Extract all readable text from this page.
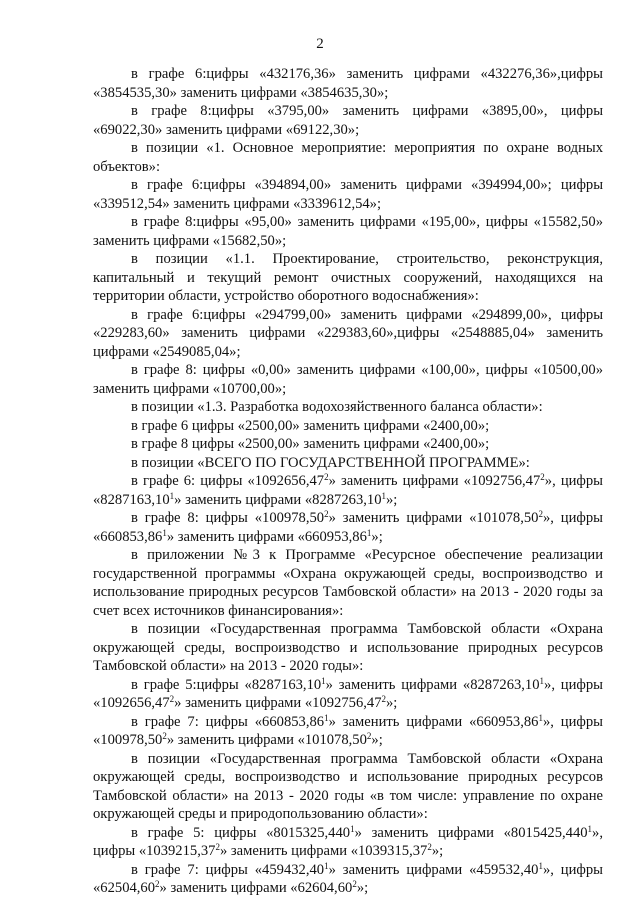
2

в графе 6:цифры «432176,36» заменить цифрами «432276,36»,цифры «3854535,30» заменить цифрами «3854635,30»;

в графе 8:цифры «3795,00» заменить цифрами «3895,00», цифры «69022,30» заменить цифрами «69122,30»;

в позиции «1. Основное мероприятие: мероприятия по охране водных объектов»:

в графе 6:цифры «394894,00» заменить цифрами «394994,00»; цифры «339512,54» заменить цифрами «3339612,54»;

в графе 8:цифры «95,00» заменить цифрами «195,00», цифры «15582,50» заменить цифрами «15682,50»;

в позиции «1.1. Проектирование, строительство, реконструкция, капитальный и текущий ремонт очистных сооружений, находящихся на территории области, устройство оборотного водоснабжения»:

в графе 6:цифры «294799,00» заменить цифрами «294899,00», цифры «229283,60» заменить цифрами «229383,60»,цифры «2548885,04» заменить цифрами «2549085,04»;

в графе 8: цифры «0,00» заменить цифрами «100,00», цифры «10500,00» заменить цифрами «10700,00»;

в позиции «1.3. Разработка водохозяйственного баланса области»:

в графе 6 цифры «2500,00» заменить цифрами «2400,00»;

в графе 8 цифры «2500,00» заменить цифрами «2400,00»;

в позиции «ВСЕГО ПО ГОСУДАРСТВЕННОЙ ПРОГРАММЕ»:

в графе 6: цифры «1092656,47$^2$» заменить цифрами «1092756,47$^2$», цифры «8287163,10$^1$» заменить цифрами «8287263,10$^1$»;

в графе 8: цифры «100978,50$^2$» заменить цифрами «101078,50$^2$», цифры «660853,86$^1$» заменить цифрами «660953,86$^1$»;

в приложении №3 к Программе «Ресурсное обеспечение реализации государственной программы «Охрана окружающей среды, воспроизводство и использование природных ресурсов Тамбовской области» на 2013 - 2020 годы за счет всех источников финансирования»:

в позиции «Государственная программа Тамбовской области «Охрана окружающей среды, воспроизводство и использование природных ресурсов Тамбовской области» на 2013 - 2020 годы»:

в графе 5:цифры «8287163,10$^1$» заменить цифрами «8287263,10$^1$», цифры «1092656,47$^2$» заменить цифрами «1092756,47$^2$»;

в графе 7: цифры «660853,86$^1$» заменить цифрами «660953,86$^1$», цифры «100978,50$^2$» заменить цифрами «101078,50$^2$»;

в позиции «Государственная программа Тамбовской области «Охрана окружающей среды, воспроизводство и использование природных ресурсов Тамбовской области» на 2013 - 2020 годы «в том числе: управление по охране окружающей среды и природопользованию области»:

в графе 5: цифры «8015325,440$^1$» заменить цифрами «8015425,440$^1$», цифры «1039215,37$^2$» заменить цифрами «1039315,37$^2$»;

в графе 7: цифры «459432,40$^1$» заменить цифрами «459532,40$^1$», цифры «62504,60$^2$» заменить цифрами «62604,60$^2$»;
